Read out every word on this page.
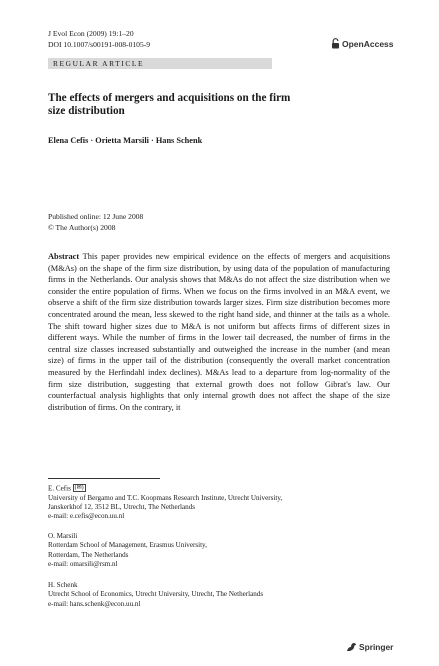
J Evol Econ (2009) 19:1–20
DOI 10.1007/s00191-008-0105-9	OpenAccess
REGULAR ARTICLE
The effects of mergers and acquisitions on the firm
size distribution
Elena Cefis · Orietta Marsili · Hans Schenk
Published online: 12 June 2008
© The Author(s) 2008
Abstract This paper provides new empirical evidence on the effects of mergers and acquisitions (M&As) on the shape of the firm size distribution, by using data of the population of manufacturing firms in the Netherlands. Our analysis shows that M&As do not affect the size distribution when we consider the entire population of firms. When we focus on the firms involved in an M&A event, we observe a shift of the firm size distribution towards larger sizes. Firm size distribution becomes more concentrated around the mean, less skewed to the right hand side, and thinner at the tails as a whole. The shift toward higher sizes due to M&A is not uniform but affects firms of different sizes in different ways. While the number of firms in the lower tail decreased, the number of firms in the central size classes increased substantially and outweighed the increase in the number (and mean size) of firms in the upper tail of the distribution (consequently the overall market concentration measured by the Herfindahl index declines). M&As lead to a departure from log-normality of the firm size distribution, suggesting that external growth does not follow Gibrat's law. Our counterfactual analysis highlights that only internal growth does not affect the shape of the size distribution of firms. On the contrary, it
E. Cefis (✉)
University of Bergamo and T.C. Koopmans Research Institute, Utrecht University,
Janskerkhof 12, 3512 BL, Utrecht, The Netherlands
e-mail: e.cefis@econ.uu.nl
O. Marsili
Rotterdam School of Management, Erasmus University,
Rotterdam, The Netherlands
e-mail: omarsili@rsm.nl
H. Schenk
Utrecht School of Economics, Utrecht University, Utrecht, The Netherlands
e-mail: hans.schenk@econ.uu.nl
Springer
